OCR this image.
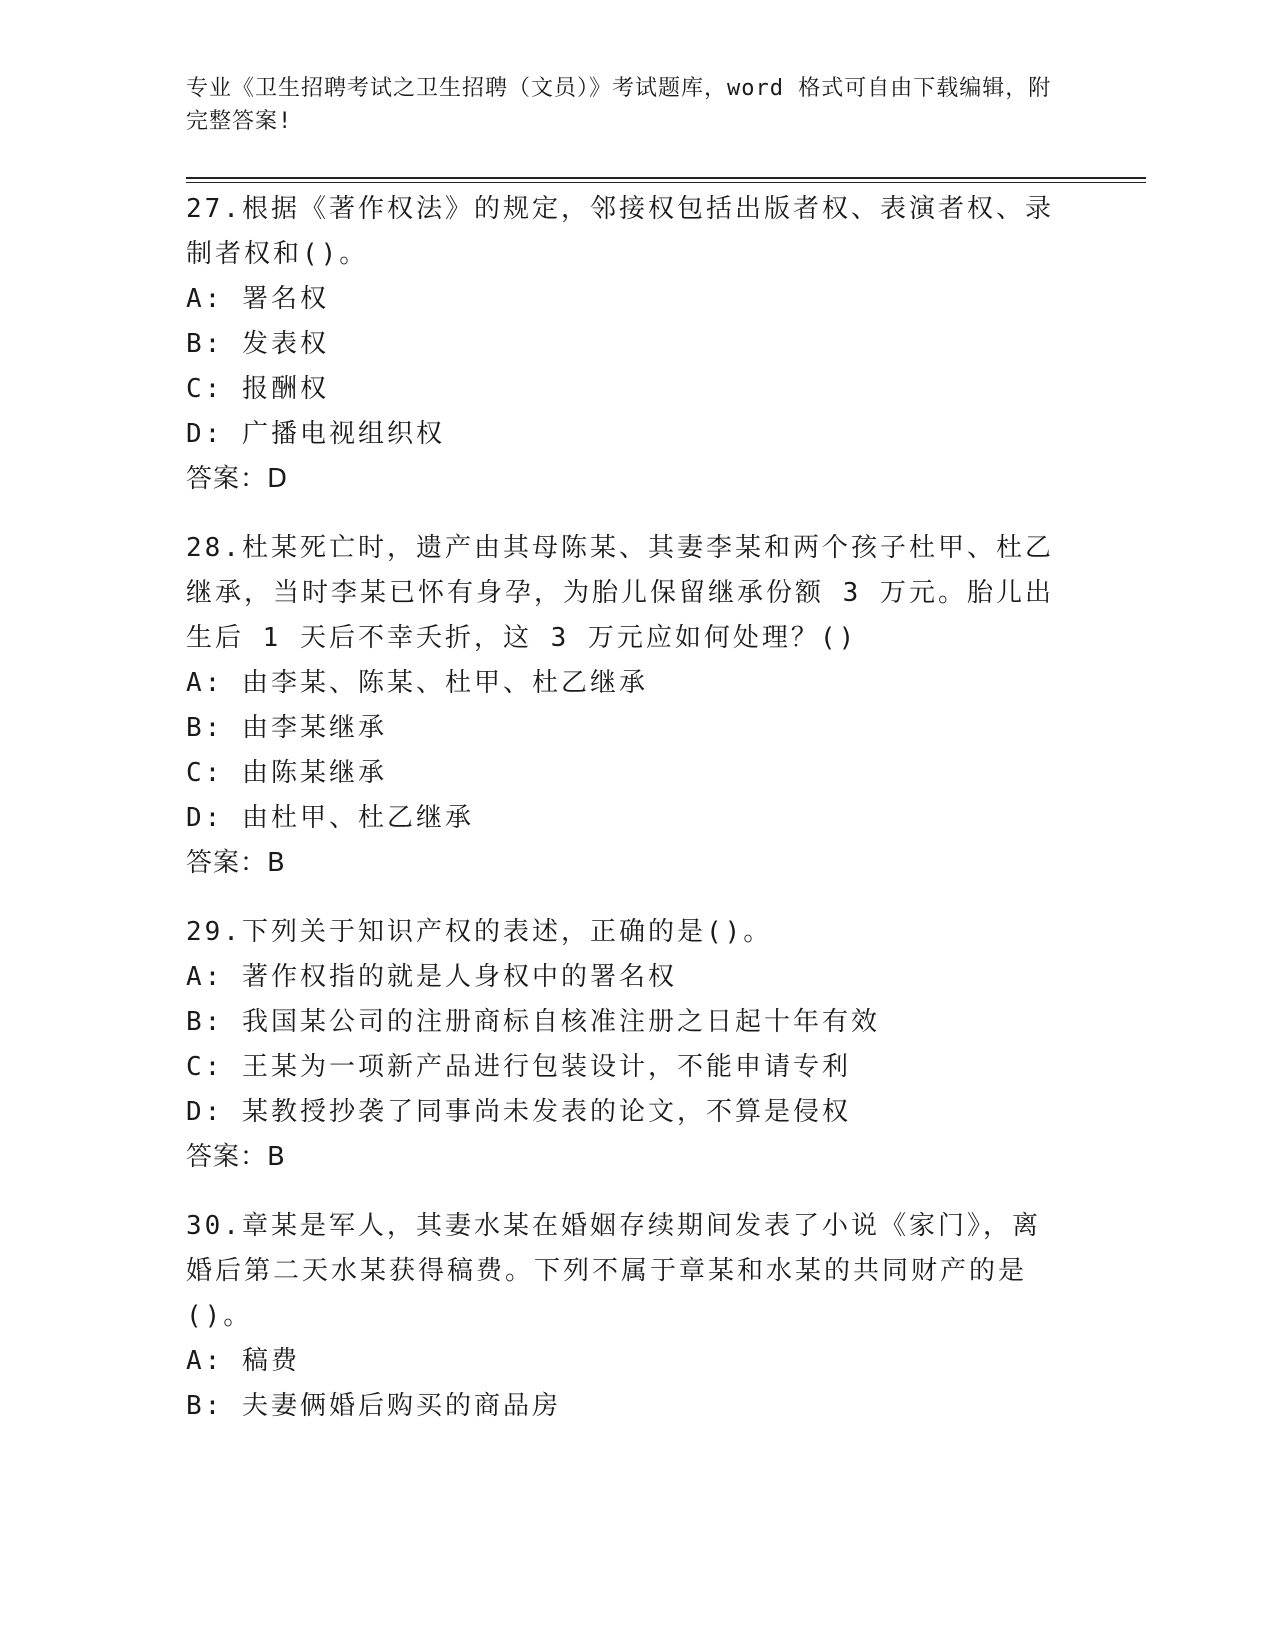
专业《卫生招聘考试之卫生招聘（文员）》考试题库，word 格式可自由下载编辑，附完整答案!
27.根据《著作权法》的规定，邻接权包括出版者权、表演者权、录制者权和()。
A: 署名权
B: 发表权
C: 报酬权
D: 广播电视组织权
答案：D
28.杜某死亡时，遗产由其母陈某、其妻李某和两个孩子杜甲、杜乙继承，当时李某已怀有身孕，为胎儿保留继承份额 3 万元。胎儿出生后 1 天后不幸夭折，这 3 万元应如何处理？()
A: 由李某、陈某、杜甲、杜乙继承
B: 由李某继承
C: 由陈某继承
D: 由杜甲、杜乙继承
答案：B
29.下列关于知识产权的表述，正确的是()。
A: 著作权指的就是人身权中的署名权
B: 我国某公司的注册商标自核准注册之日起十年有效
C: 王某为一项新产品进行包装设计，不能申请专利
D: 某教授抄袭了同事尚未发表的论文，不算是侵权
答案：B
30.章某是军人，其妻水某在婚姻存续期间发表了小说《家门》，离婚后第二天水某获得稿费。下列不属于章某和水某的共同财产的是()。
A: 稿费
B: 夫妻俩婚后购买的商品房
